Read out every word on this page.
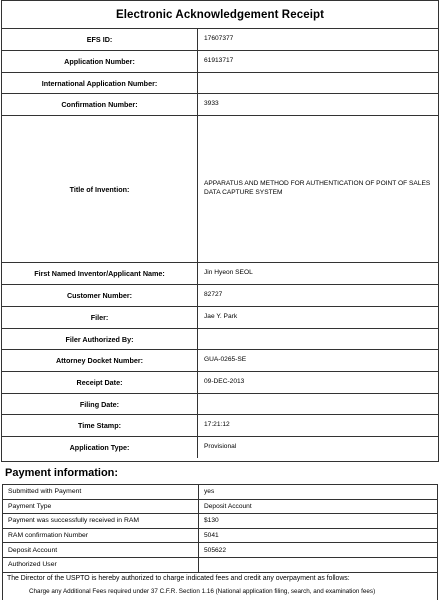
Electronic Acknowledgement Receipt
EFS ID:	17607377
Application Number:	61913717
International Application Number:
Confirmation Number:	3933
Title of Invention:
APPARATUS AND METHOD FOR AUTHENTICATION OF POINT OF SALES DATA CAPTURE SYSTEM
First Named Inventor/Applicant Name:	Jin Hyeon SEOL
Customer Number:	82727
Filer:	Jae Y. Park
Filer Authorized By:
Attorney Docket Number:	GUA-0265-SE
Receipt Date:	09-DEC-2013
Filing Date:
Time Stamp:	17:21:12
Application Type:	Provisional
Payment information:
Submitted with Payment	yes
Payment Type	Deposit Account
Payment was successfully received in RAM	$130
RAM confirmation Number	5041
Deposit Account	505622
Authorized User
The Director of the USPTO is hereby authorized to charge indicated fees and credit any overpayment as follows:
Charge any Additional Fees required under 37 C.F.R. Section 1.16 (National application filing, search, and examination fees)
